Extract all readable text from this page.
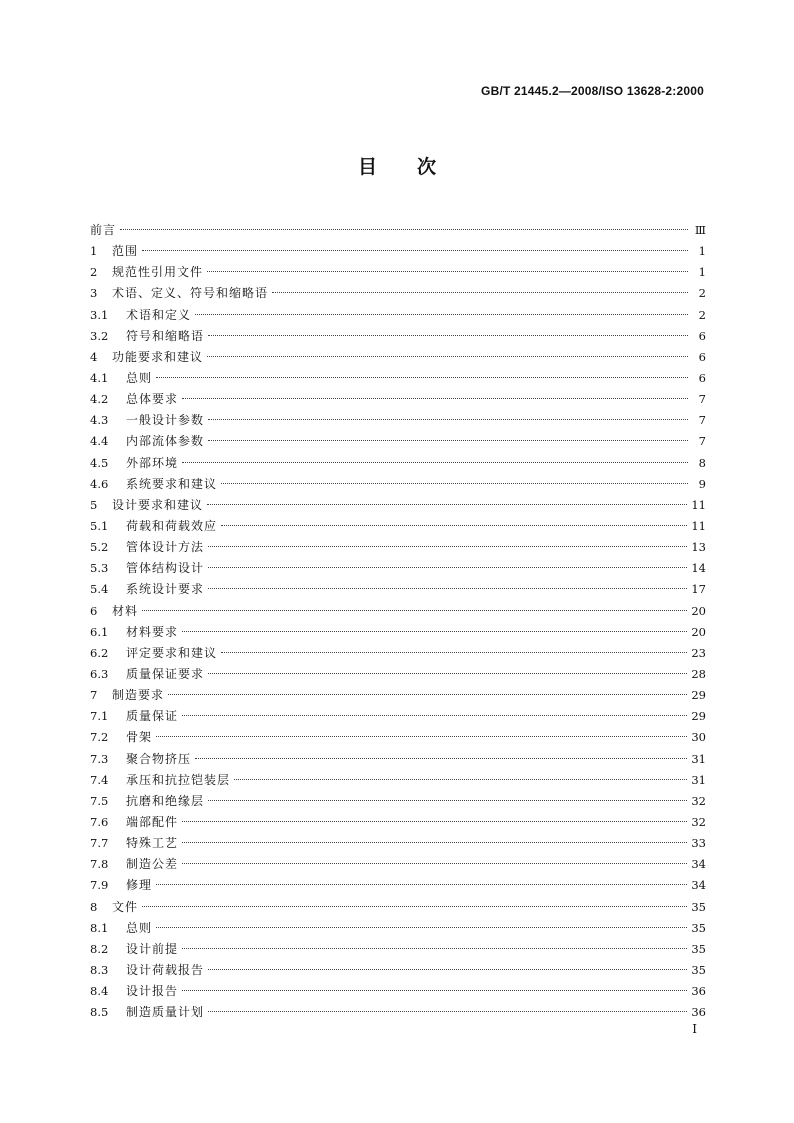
GB/T 21445.2—2008/ISO 13628-2:2000
目 次
前言	Ⅲ
1	范围	1
2	规范性引用文件	1
3	术语、定义、符号和缩略语	2
3.1	术语和定义	2
3.2	符号和缩略语	6
4	功能要求和建议	6
4.1	总则	6
4.2	总体要求	7
4.3	一般设计参数	7
4.4	内部流体参数	7
4.5	外部环境	8
4.6	系统要求和建议	9
5	设计要求和建议	11
5.1	荷载和荷载效应	11
5.2	管体设计方法	13
5.3	管体结构设计	14
5.4	系统设计要求	17
6	材料	20
6.1	材料要求	20
6.2	评定要求和建议	23
6.3	质量保证要求	28
7	制造要求	29
7.1	质量保证	29
7.2	骨架	30
7.3	聚合物挤压	31
7.4	承压和抗拉铠装层	31
7.5	抗磨和绝缘层	32
7.6	端部配件	32
7.7	特殊工艺	33
7.8	制造公差	34
7.9	修理	34
8	文件	35
8.1	总则	35
8.2	设计前提	35
8.3	设计荷载报告	35
8.4	设计报告	36
8.5	制造质量计划	36
I
